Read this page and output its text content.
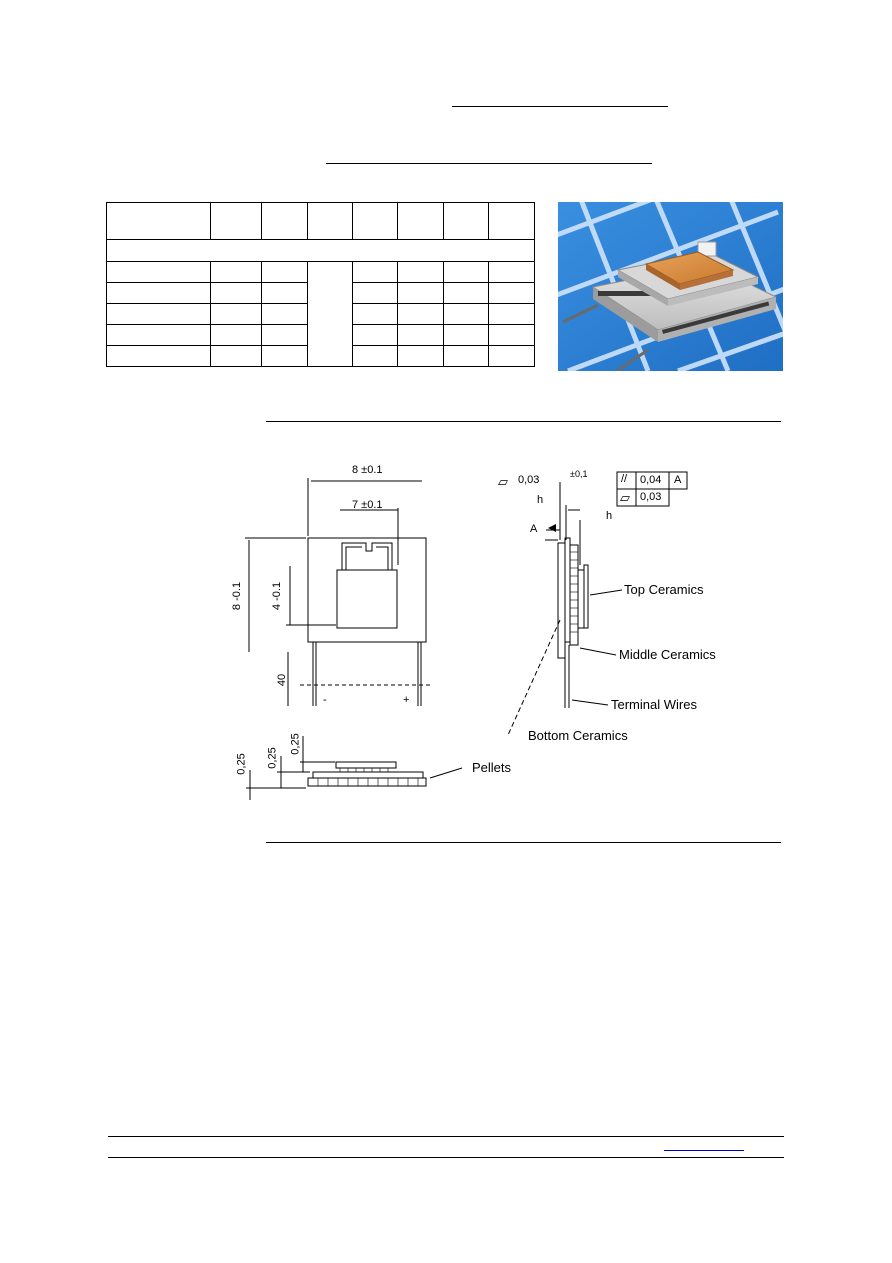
8 ±0.1
7 ±0.1
8 -0.1	4 -0.1
40
-	+
⏥ 0,03	±0,1
h
h
A
// 0,04 A
⏥ 0,03
0,25 0,25
0,25
Top Ceramics
Middle Ceramics
Terminal Wires
Bottom Ceramics
Pellets
